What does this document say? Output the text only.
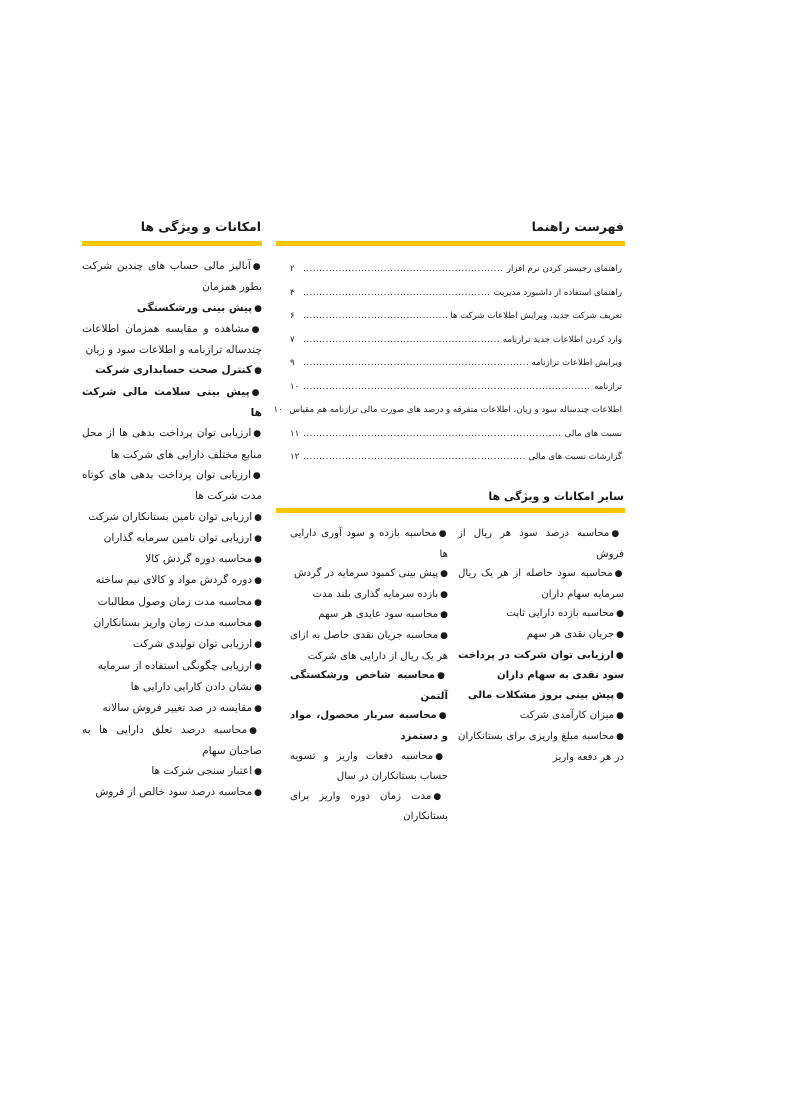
امکانات و ویژگی ها

●آنالیز مالی حساب های چندین شرکت بطور همزمان

●پیش بینی ورشکستگی

●مشاهده و مقایسه همزمان اطلاعات چندساله ترازنامه و اطلاعات سود و زیان

●کنترل صحت حسابداری شرکت

●پیش بینی سلامت مالی شرکت ها

●ارزیابی توان پرداخت بدهی ها از محل منابع مختلف دارایی های شرکت ها

●ارزیابی توان پرداخت بدهی های کوتاه مدت شرکت ها

●ارزیابی توان تامین بستانکاران شرکت

●ارزیابی توان تامین سرمایه گذاران

●محاسبه دوره گردش کالا

●دوره گردش مواد و کالای نیم ساخته

●محاسبه مدت زمان وصول مطالبات

●محاسبه مدت زمان واریز بستانکاران

●ارزیابی توان تولیدی شرکت

●ارزیابی چگونگی استفاده از سرمایه

●نشان دادن کارایی دارایی ها

●مقایسه در صد تغییر فروش سالانه

●محاسبه درصد تعلق دارایی ها به صاحبان سهام

●اعتبار سنجی شرکت ها

●محاسبه درصد سود خالص از فروش

فهرست راهنما
راهنمای رجیستر کردن نرم افزار
.....
۲
راهنمای استفاده از داشبورد مدیریت
.....
۴
تعریف شرکت جدید، ویرایش اطلاعات شرکت ها
.....
۶
وارد کردن اطلاعات جدید ترازنامه
.....
۷
ویرایش اطلاعات ترازنامه
.....
۹
ترازنامه
.....
۱۰
اطلاعات چندساله سود و زیان، اطلاعات متفرقه و درصد های صورت مالی ترازنامه هم مقیاس
۱۰
نسبت های مالی
.....
۱۱
گزارشات نسبت های مالی
.....
۱۲
سایر امکانات و ویژگی ها

●محاسبه درصد سود هر ریال از فروش

●محاسبه سود حاصله از هر یک ریال سرمایه سهام داران

●محاسبه بازده دارایی ثابت

●جریان نقدی هر سهم

●ارزیابی توان شرکت در پرداخت سود نقدی به سهام داران

●پیش بینی بروز مشکلات مالی

●میزان کارآمدی شرکت

●محاسبه مبلغ واریزی برای بستانکاران در هر دفعه واریز

●محاسبه بازده و سود آوری دارایی ها

●پیش بینی کمبود سرمایه در گردش

●بازده سرمایه گذاری بلند مدت

●محاسبه سود عایدی هر سهم

●محاسبه جریان نقدی حاصل به ازای هر یک ریال از دارایی های شرکت

●محاسبه شاخص ورشکستگی آلتمن

●محاسبه سربار محصول، مواد و دستمزد

●محاسبه دفعات واریز و تسویه حساب بستانکاران در سال

●مدت زمان دوره واریز برای بستانکاران
